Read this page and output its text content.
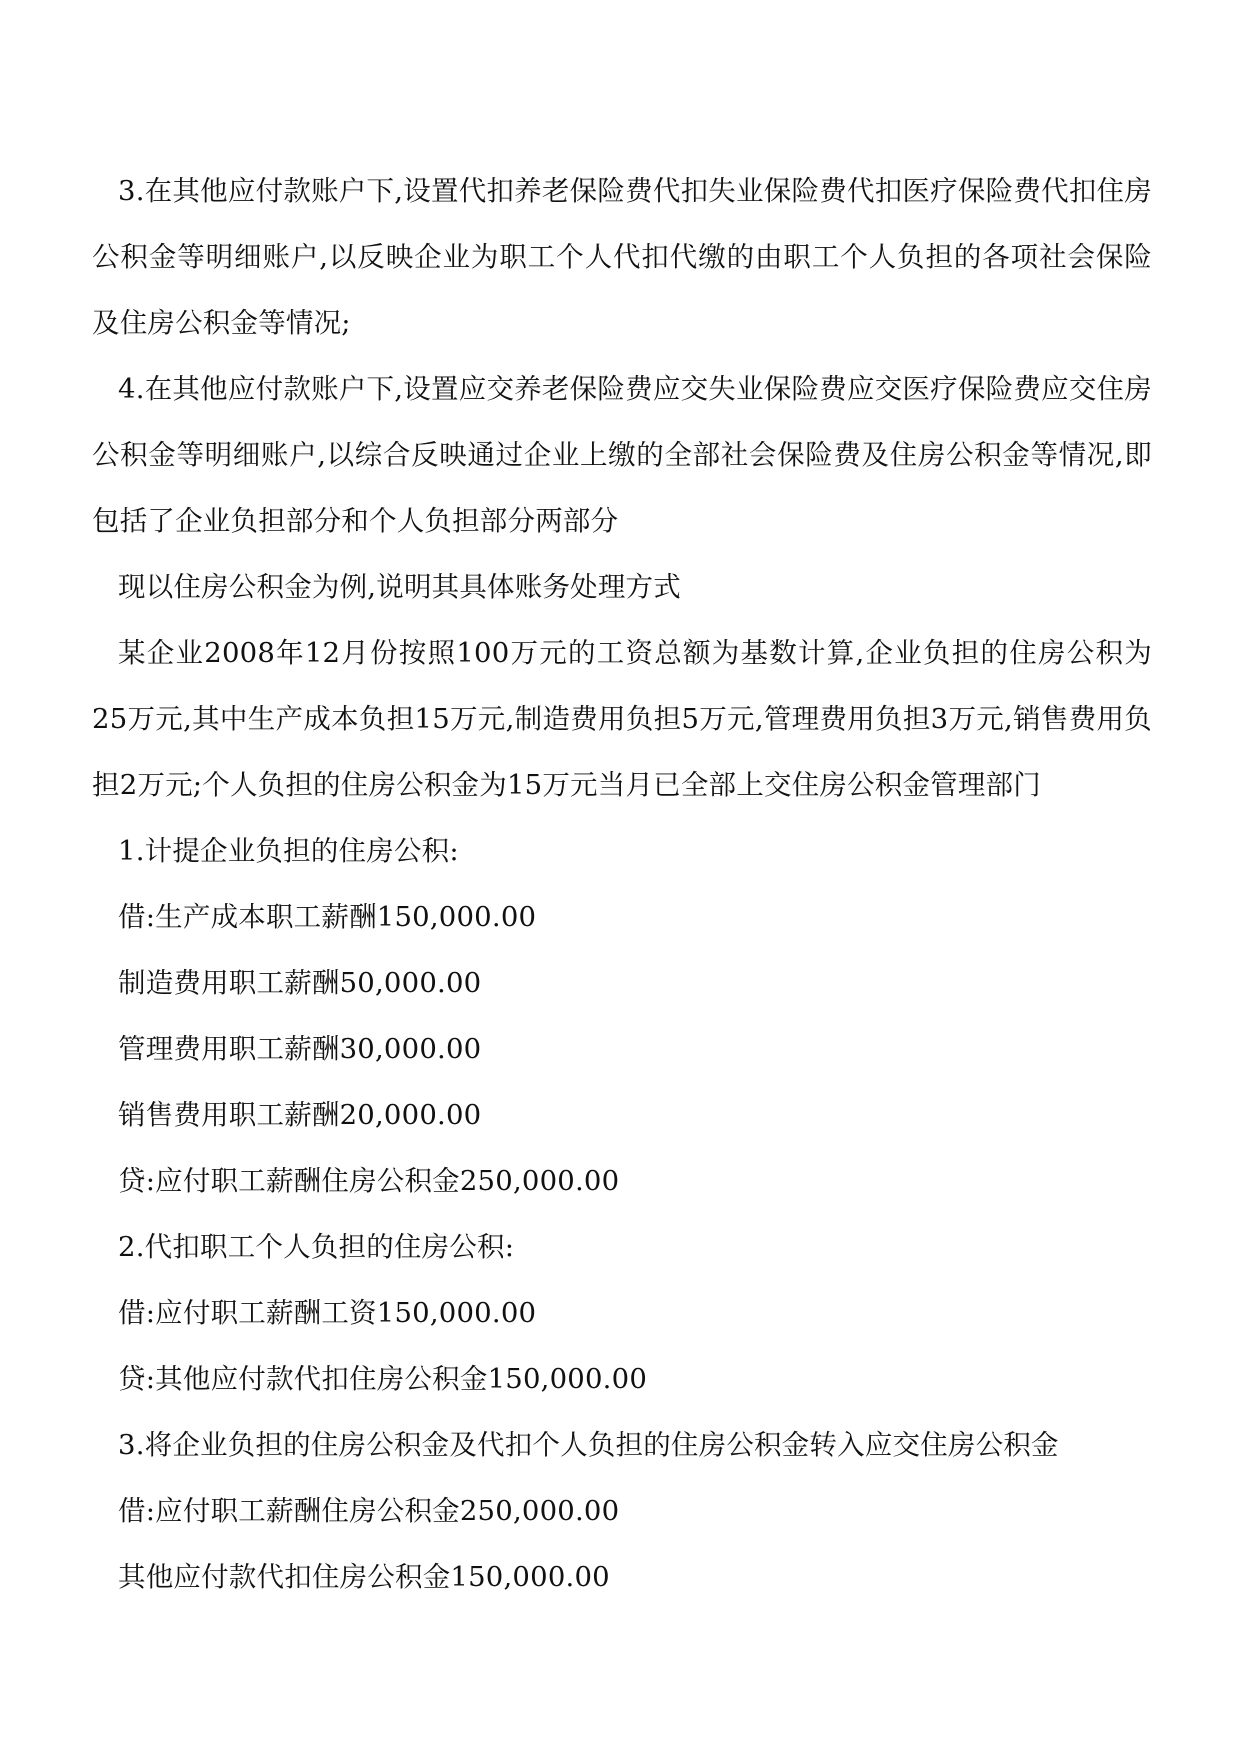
3.在其他应付款账户下,设置代扣养老保险费代扣失业保险费代扣医疗保险费代扣住房公积金等明细账户,以反映企业为职工个人代扣代缴的由职工个人负担的各项社会保险及住房公积金等情况;

4.在其他应付款账户下,设置应交养老保险费应交失业保险费应交医疗保险费应交住房公积金等明细账户,以综合反映通过企业上缴的全部社会保险费及住房公积金等情况,即包括了企业负担部分和个人负担部分两部分

现以住房公积金为例,说明其具体账务处理方式

某企业2008年12月份按照100万元的工资总额为基数计算,企业负担的住房公积为25万元,其中生产成本负担15万元,制造费用负担5万元,管理费用负担3万元,销售费用负担2万元;个人负担的住房公积金为15万元当月已全部上交住房公积金管理部门

1.计提企业负担的住房公积:

借:生产成本职工薪酬150,000.00

制造费用职工薪酬50,000.00

管理费用职工薪酬30,000.00

销售费用职工薪酬20,000.00

贷:应付职工薪酬住房公积金250,000.00

2.代扣职工个人负担的住房公积:

借:应付职工薪酬工资150,000.00

贷:其他应付款代扣住房公积金150,000.00

3.将企业负担的住房公积金及代扣个人负担的住房公积金转入应交住房公积金

借:应付职工薪酬住房公积金250,000.00

其他应付款代扣住房公积金150,000.00
